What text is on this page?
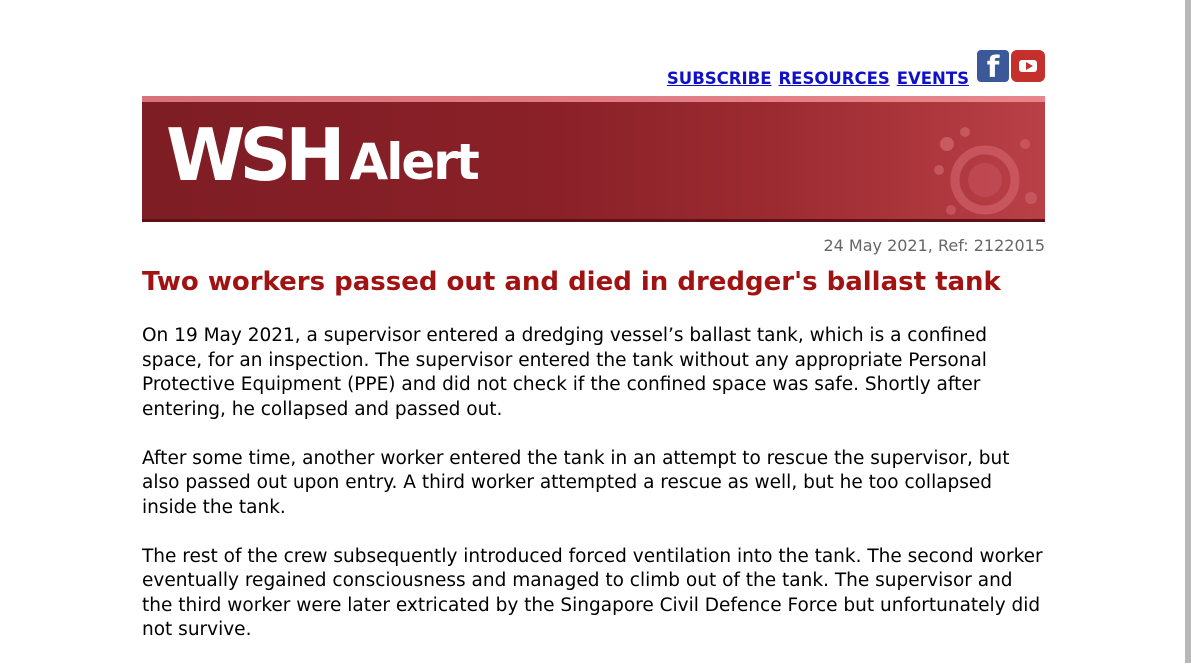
SUBSCRIBE RESOURCES EVENTS f
WSH Alert
24 May 2021, Ref: 2122015
Two workers passed out and died in dredger's ballast tank

On 19 May 2021, a supervisor entered a dredging vessel’s ballast tank, which is a confined space, for an inspection. The supervisor entered the tank without any appropriate Personal Protective Equipment (PPE) and did not check if the confined space was safe. Shortly after entering, he collapsed and passed out.

After some time, another worker entered the tank in an attempt to rescue the supervisor, but also passed out upon entry. A third worker attempted a rescue as well, but he too collapsed inside the tank.

The rest of the crew subsequently introduced forced ventilation into the tank. The second worker eventually regained consciousness and managed to climb out of the tank. The supervisor and the third worker were later extricated by the Singapore Civil Defence Force but unfortunately did not survive.
